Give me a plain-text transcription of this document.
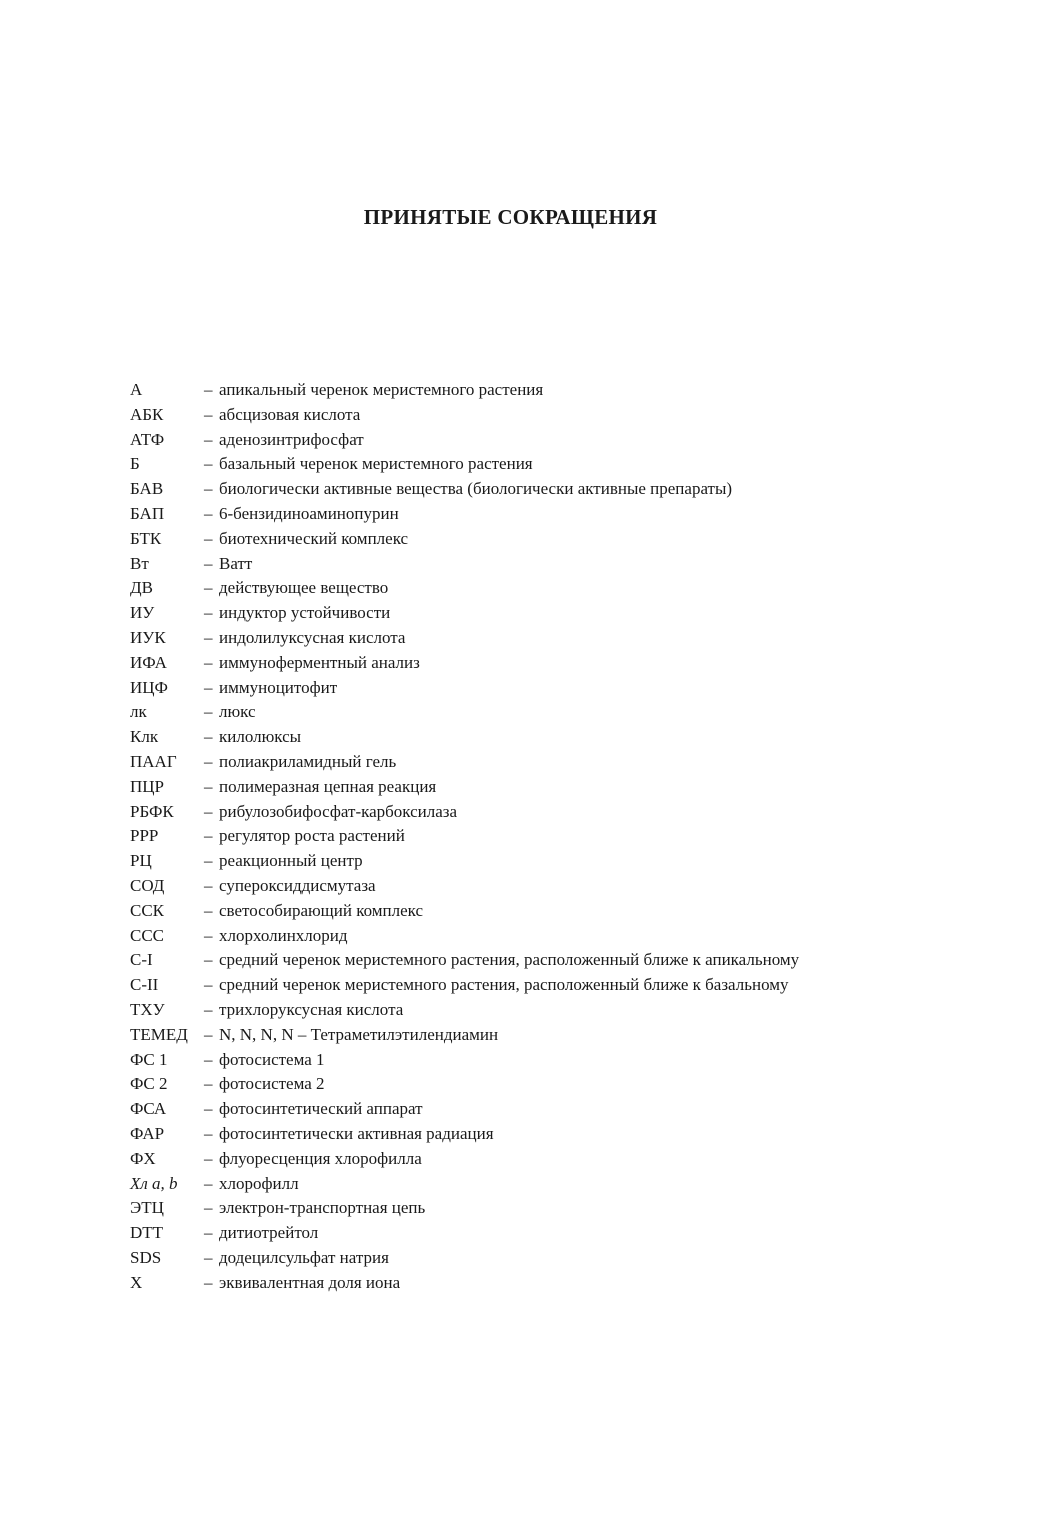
ПРИНЯТЫЕ СОКРАЩЕНИЯ
А	– апикальный черенок меристемного растения
АБК	– абсцизовая кислота
АТФ	– аденозинтрифосфат
Б	– базальный черенок меристемного растения
БАВ	– биологически активные вещества (биологически активные препараты)
БАП	– 6-бензидиноаминопурин
БТК	– биотехнический комплекс
Вт	– Ватт
ДВ	– действующее вещество
ИУ	– индуктор устойчивости
ИУК	– индолилуксусная кислота
ИФА	– иммуноферментный анализ
ИЦФ	– иммуноцитофит
лк	– люкс
Клк	– килолюксы
ПААГ	– полиакриламидный гель
ПЦР	– полимеразная цепная реакция
РБФК	– рибулозобифосфат-карбоксилаза
РРР	– регулятор роста растений
РЦ	– реакционный центр
СОД	– супероксиддисмутаза
ССК	– светособирающий комплекс
ССС	– хлорхолинхлорид
С-I	– средний черенок меристемного растения, расположенный ближе к апикальному
С-II	– средний черенок меристемного растения, расположенный ближе к базальному
ТХУ	– трихлоруксусная кислота
ТЕМЕД – N, N, N, N – Тетраметилэтилендиамин
ФС 1	– фотосистема 1
ФС 2	– фотосистема 2
ФСА	– фотосинтетический аппарат
ФАР	– фотосинтетически активная радиация
ФХ	– флуоресценция хлорофилла
Хл a, b	– хлорофилл
ЭТЦ	– электрон-транспортная цепь
DTT	– дитиотрейтол
SDS	– додецилсульфат натрия
Х	– эквивалентная доля иона
